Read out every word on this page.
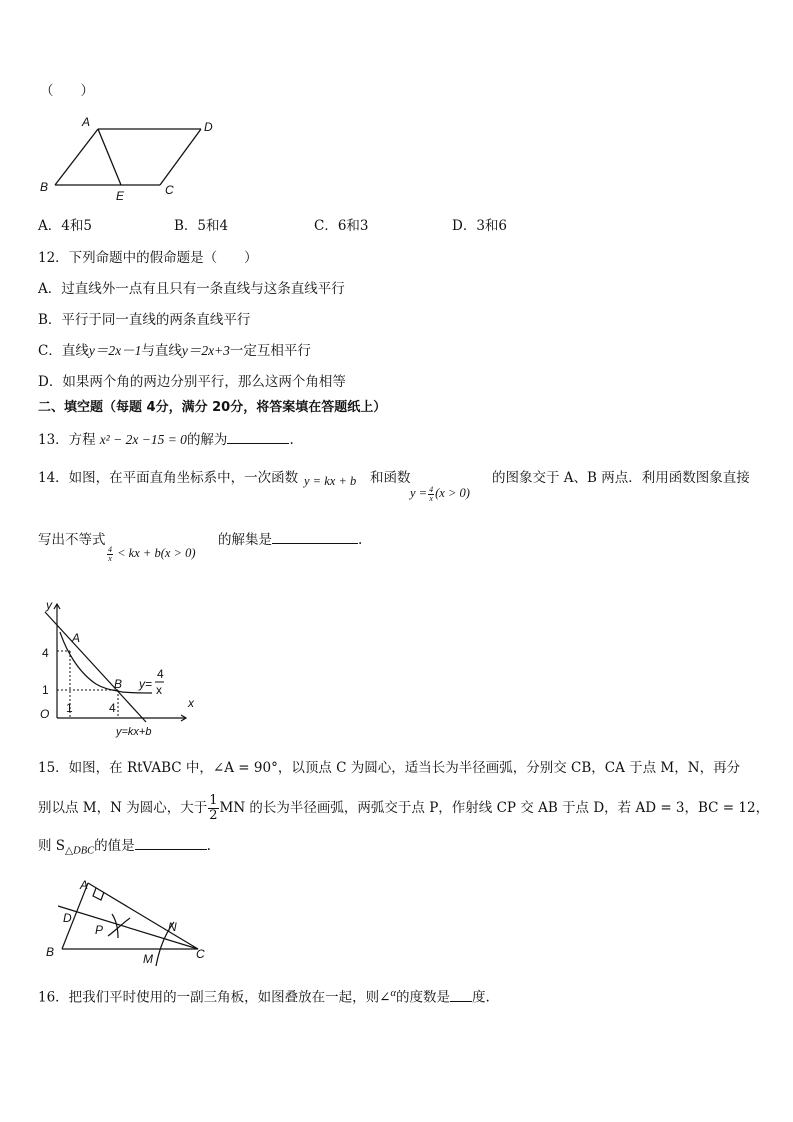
（　　）
A	D
B
E	C
A．4和5	B．5和4	C．6和3	D．3和6
12．下列命题中的假命题是（　　）
A．过直线外一点有且只有一条直线与这条直线平行
B．平行于同一直线的两条直线平行
C．直线y＝2x－1与直线y＝2x+3一定互相平行
D．如果两个角的两边分别平行，那么这两个角相等
二、填空题（每题 4分，满分 20分，将答案填在答题纸上）
13．方程 x² − 2x −15 = 0的解为	.
14．如图，在平面直角坐标系中，一次函数 y = kx + b 和函数
$y = \frac{4}{x} (x > 0)$
的图象交于 A、B 两点．利用函数图象直接
写出不等式
$\frac{4}{x}$ < kx + b(x > 0)
的解集是	.
y
x
O
A
B
4
1
1	4
y=
4
x
y=kx+b
15．如图，在 RtVABC 中，∠A = 90°，以顶点 C 为圆心，适当长为半径画弧，分别交 CB，CA 于点 M，N，再分
别以点 M，N 为圆心，大于 $\frac{1}{2}$ MN 的长为半径画弧，两弧交于点 P，作射线 CP 交 AB 于点 D，若 AD = 3，BC = 12，
则 $S_{\triangle DBC}$的值是	.
A
D
P	N
B	M	C
16．把我们平时使用的一副三角板，如图叠放在一起，则∠$^\alpha$的度数是 度.
